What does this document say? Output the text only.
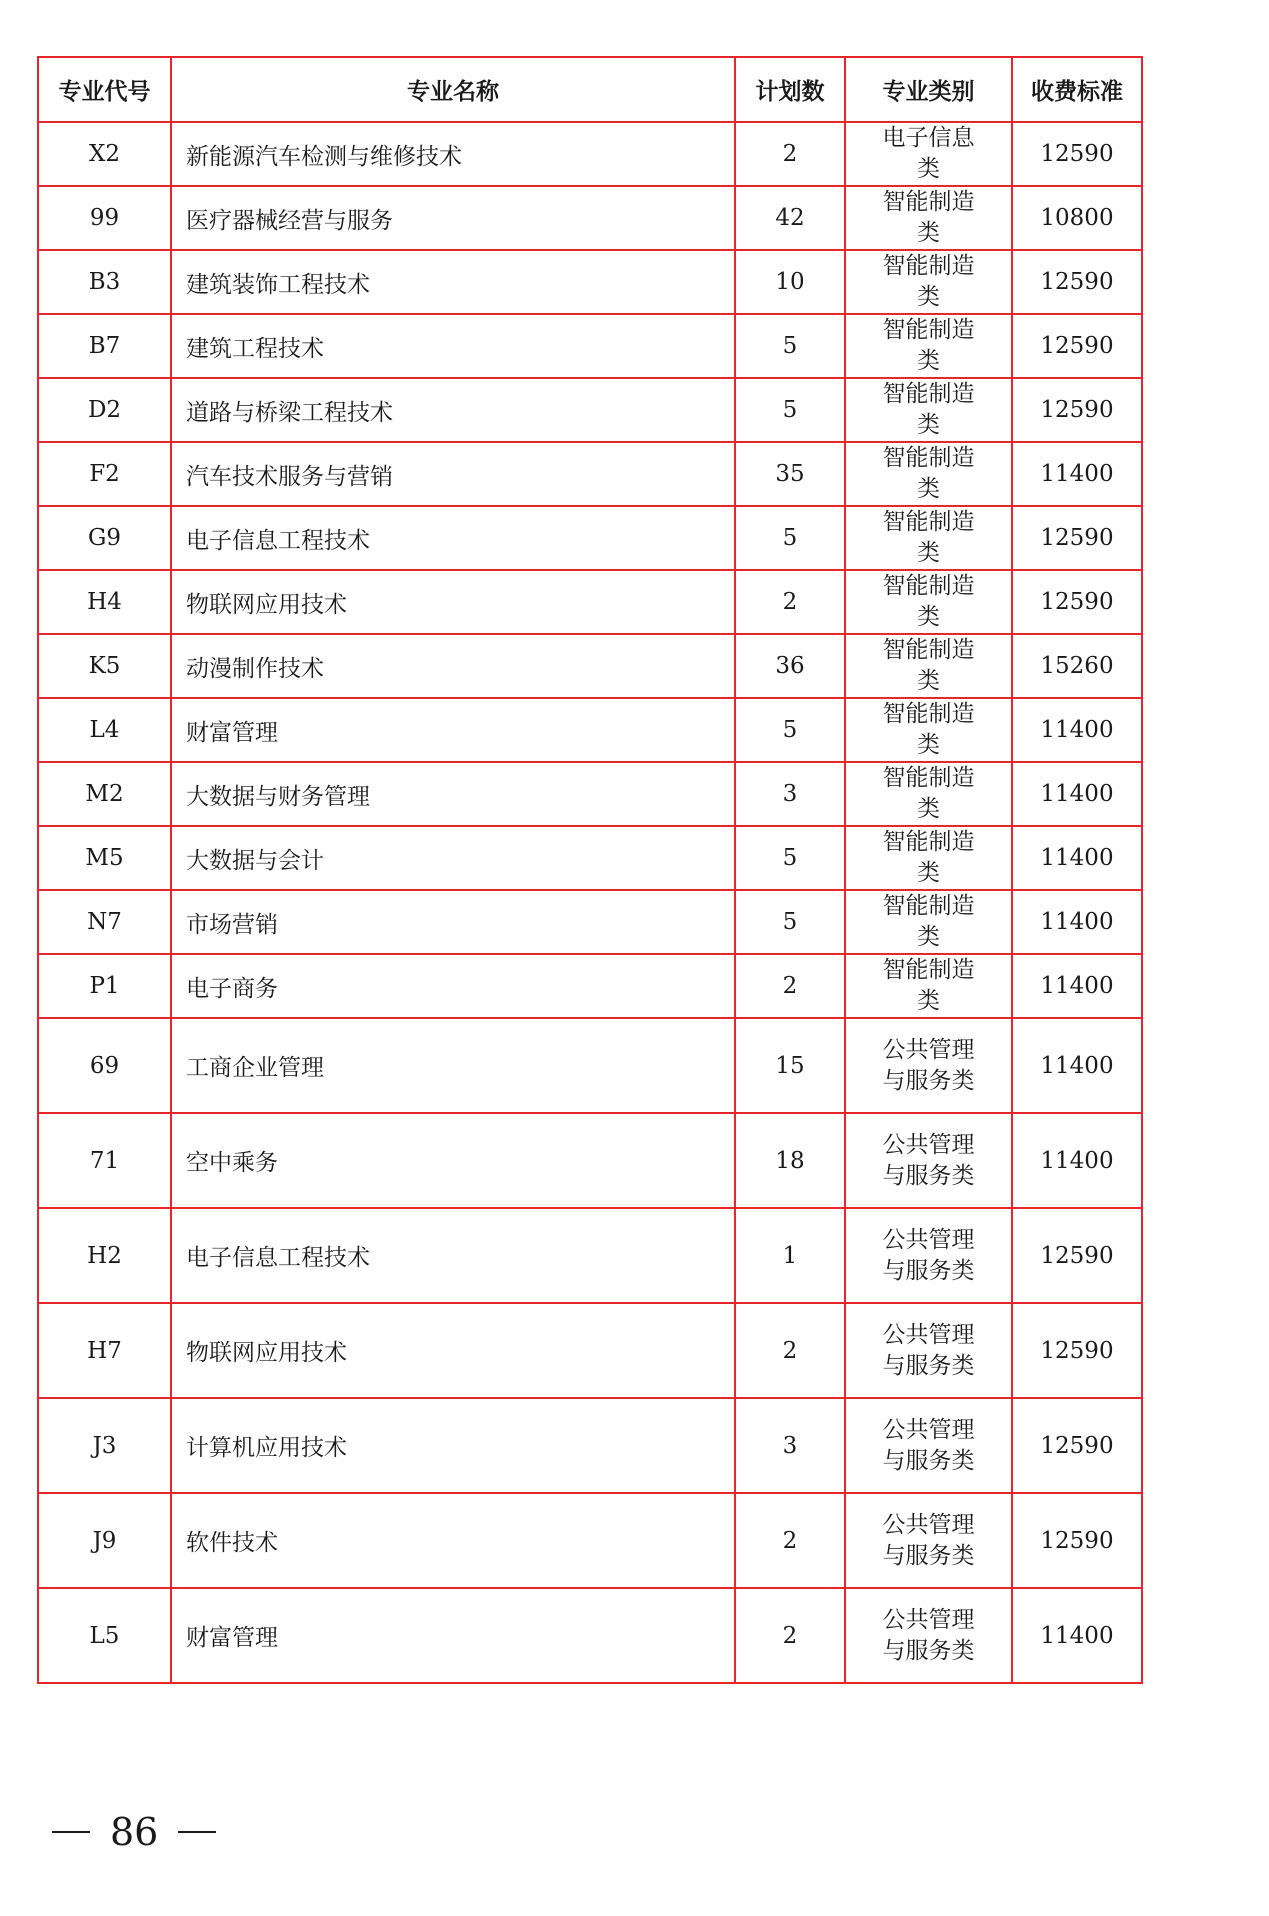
专业代号	专业名称	计划数	专业类别	收费标准
X2	新能源汽车检测与维修技术	2	电子信息类	12590
99	医疗器械经营与服务	42	智能制造类	10800
B3	建筑装饰工程技术	10	智能制造类	12590
B7	建筑工程技术	5	智能制造类	12590
D2	道路与桥梁工程技术	5	智能制造类	12590
F2	汽车技术服务与营销	35	智能制造类	11400
G9	电子信息工程技术	5	智能制造类	12590
H4	物联网应用技术	2	智能制造类	12590
K5	动漫制作技术	36	智能制造类	15260
L4	财富管理	5	智能制造类	11400
M2	大数据与财务管理	3	智能制造类	11400
M5	大数据与会计	5	智能制造类	11400
N7	市场营销	5	智能制造类	11400
P1	电子商务	2	智能制造类	11400
69	工商企业管理	15	公共管理与服务类	11400
71	空中乘务	18	公共管理与服务类	11400
H2	电子信息工程技术	1	公共管理与服务类	12590
H7	物联网应用技术	2	公共管理与服务类	12590
J3	计算机应用技术	3	公共管理与服务类	12590
J9	软件技术	2	公共管理与服务类	12590
L5	财富管理	2	公共管理与服务类	11400
86
